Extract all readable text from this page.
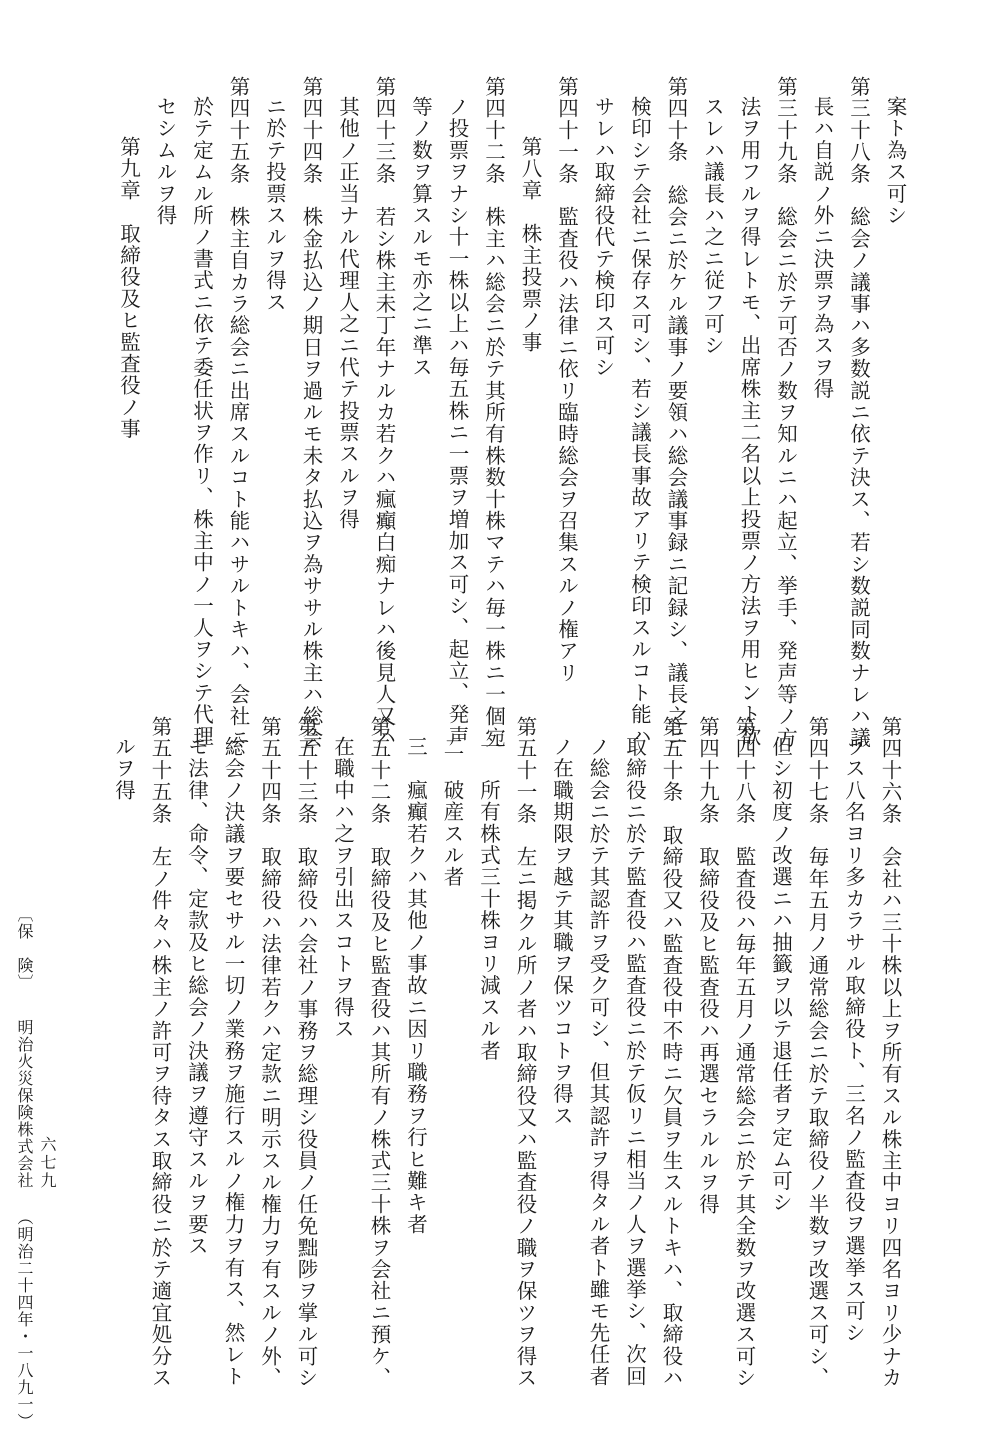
案ト為ス可シ
第三十八条　総会ノ議事ハ多数説ニ依テ決ス、若シ数説同数ナレハ議
長ハ自説ノ外ニ決票ヲ為スヲ得
第三十九条　総会ニ於テ可否ノ数ヲ知ルニハ起立、挙手、発声等ノ方
法ヲ用フルヲ得レトモ、出席株主二名以上投票ノ方法ヲ用ヒント欲
スレハ議長ハ之ニ従フ可シ
第四十条　総会ニ於ケル議事ノ要領ハ総会議事録ニ記録シ、議長之ニ
検印シテ会社ニ保存ス可シ、若シ議長事故アリテ検印スルコト能ハ
サレハ取締役代テ検印ス可シ
第四十一条　監査役ハ法律ニ依リ臨時総会ヲ召集スルノ権アリ
第八章　株主投票ノ事
第四十二条　株主ハ総会ニ於テ其所有株数十株マテハ毎一株ニ一個宛
ノ投票ヲナシ十一株以上ハ毎五株ニ一票ヲ増加ス可シ、起立、発声
等ノ数ヲ算スルモ亦之ニ準ス
第四十三条　若シ株主未丁年ナルカ若クハ瘋癲白痴ナレハ後見人又ハ
其他ノ正当ナル代理人之ニ代テ投票スルヲ得
第四十四条　株金払込ノ期日ヲ過ルモ未タ払込ヲ為ササル株主ハ総会
ニ於テ投票スルヲ得ス
第四十五条　株主自カラ総会ニ出席スルコト能ハサルトキハ、会社ニ
於テ定ムル所ノ書式ニ依テ委任状ヲ作リ、株主中ノ一人ヲシテ代理
セシムルヲ得
第九章　取締役及ヒ監査役ノ事
第四十六条　会社ハ三十株以上ヲ所有スル株主中ヨリ四名ヨリ少ナカ
ラス八名ヨリ多カラサル取締役ト、三名ノ監査役ヲ選挙ス可シ
第四十七条　毎年五月ノ通常総会ニ於テ取締役ノ半数ヲ改選ス可シ、
但シ初度ノ改選ニハ抽籤ヲ以テ退任者ヲ定ム可シ
第四十八条　監査役ハ毎年五月ノ通常総会ニ於テ其全数ヲ改選ス可シ
第四十九条　取締役及ヒ監査役ハ再選セラルルヲ得
第五十条　取締役又ハ監査役中不時ニ欠員ヲ生スルトキハ、取締役ハ
取締役ニ於テ監査役ハ監査役ニ於テ仮リニ相当ノ人ヲ選挙シ、次回
ノ総会ニ於テ其認許ヲ受ク可シ、但其認許ヲ得タル者ト雖モ先任者
ノ在職期限ヲ越テ其職ヲ保ツコトヲ得ス
第五十一条　左ニ掲クル所ノ者ハ取締役又ハ監査役ノ職ヲ保ツヲ得ス
一　所有株式三十株ヨリ減スル者
二　破産スル者
三　瘋癲若クハ其他ノ事故ニ因リ職務ヲ行ヒ難キ者
第五十二条　取締役及ヒ監査役ハ其所有ノ株式三十株ヲ会社ニ預ケ、
在職中ハ之ヲ引出スコトヲ得ス
第五十三条　取締役ハ会社ノ事務ヲ総理シ役員ノ任免黜陟ヲ掌ル可シ
第五十四条　取締役ハ法律若クハ定款ニ明示スル権力ヲ有スルノ外、
総会ノ決議ヲ要セサル一切ノ業務ヲ施行スルノ権力ヲ有ス、然レト
モ法律、命令、定款及ヒ総会ノ決議ヲ遵守スルヲ要ス
第五十五条　左ノ件々ハ株主ノ許可ヲ待タス取締役ニ於テ適宜処分ス
ルヲ得
〔保　険〕 明治火災保険株式会社 （明治二十四年・一八九一）
六七九
